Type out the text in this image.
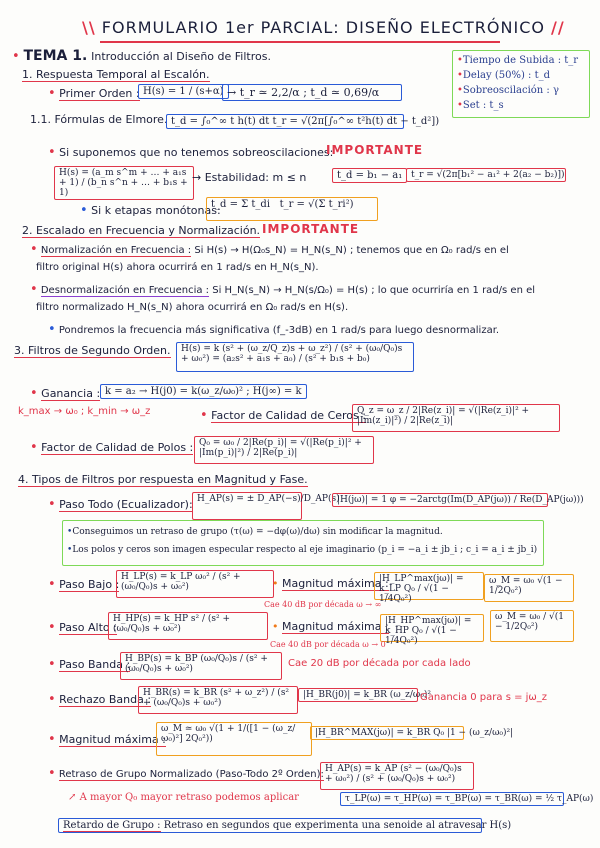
\\ FORMULARIO 1er PARCIAL: DISEÑO ELECTRÓNICO //
•Tiempo de Subida : t_r
•Delay (50%) : t_d
•Sobreoscilación : γ
•Set : t_s
• TEMA 1. Introducción al Diseño de Filtros.
1. Respuesta Temporal al Escalón.
• Primer Orden : H(s) = 1 / (s+α) → t_r ≃ 2,2/α ; t_d ≃ 0,69/α
1.1. Fórmulas de Elmore. t_d = ∫₀^∞ t h(t) dt t_r = √(2π[∫₀^∞ t²h(t) dt − t_d²])
• Si suponemos que no tenemos sobreoscilaciones:
IMPORTANTE
H(s) = (a_m s^m + … + a₁s + 1) / (b_n s^n + … + b₁s + 1)
→ Estabilidad: m ≤ n	t_d = b₁ − a₁ t_r = √(2π[b₁² − a₁² + 2(a₂ − b₂)])
• Si k etapas monótonas:
t_d = Σ t_di t_r = √(Σ t_ri²)
2. Escalado en Frecuencia y Normalización. IMPORTANTE
• Normalización en Frecuencia : Si H(s) → H(Ω₀s_N) = H_N(s_N) ; tenemos que en Ω₀ rad/s en el
filtro original H(s) ahora ocurrirá en 1 rad/s en H_N(s_N).
• Desnormalización en Frecuencia : Si H_N(s_N) → H_N(s/Ω₀) = H(s) ; lo que ocurriría en 1 rad/s en el
filtro normalizado H_N(s_N) ahora ocurrirá en Ω₀ rad/s en H(s).
• Pondremos la frecuencia más significativa (f_-3dB) en 1 rad/s para luego desnormalizar.
3. Filtros de Segundo Orden.	H(s) = k (s² + (ω_z/Q_z)s + ω_z²) / (s² + (ω₀/Q₀)s + ω₀²) = (a₂s² + a₁s + a₀) / (s² + b₁s + b₀)
• Ganancia : k = a₂ → H(j0) = k(ω_z/ω₀)² ; H(j∞) = k
k_max → ω₀ ; k_min → ω_z	• Factor de Calidad de Ceros :
Q_z = ω_z / 2|Re(z_i)| = √(|Re(z_i)|² + |Im(z_i)|²) / 2|Re(z_i)|
• Factor de Calidad de Polos : Q₀ = ω₀ / 2|Re(p_i)| = √(|Re(p_i)|² + |Im(p_i)|²) / 2|Re(p_i)|
4. Tipos de Filtros por respuesta en Magnitud y Fase.
• Paso Todo (Ecualizador): H_AP(s) = ± D_AP(−s)/D_AP(s)
|H(jω)| = 1 φ = −2arctg(Im(D_AP(jω)) / Re(D_AP(jω)))
•Conseguimos un retraso de grupo (τ(ω) = −dφ(ω)/dω) sin modificar la magnitud.
•Los polos y ceros son imagen especular respecto al eje imaginario (p_i = −a_i ± jb_i ; c_i = a_i ± jb_i)
• Paso Bajo :
H_LP(s) = k_LP ω₀² / (s² + (ω₀/Q₀)s + ω₀²)	• Magnitud máxima :
|H_LP^max(jω)| = k_LP Q₀ / √(1 − 1/4Q₀²)
ω_M = ω₀ √(1 − 1/2Q₀²)
Cae 40 dB por década ω → ∞
• Paso Alto :
H_HP(s) = k_HP s² / (s² + (ω₀/Q₀)s + ω₀²)	• Magnitud máxima :
|H_HP^max(jω)| = k_HP Q₀ / √(1 − 1/4Q₀²)
ω_M = ω₀ / √(1 − 1/2Q₀²)
Cae 40 dB por década ω → 0
• Paso Banda :
H_BP(s) = k_BP (ω₀/Q₀)s / (s² + (ω₀/Q₀)s + ω₀²)	Cae 20 dB por década por cada lado
• Rechazo Banda :
H_BR(s) = k_BR (s² + ω_z²) / (s² + (ω₀/Q₀)s + ω₀²)
|H_BR(j0)| = k_BR (ω_z/ω₀)²
Ganancia 0 para s = jω_z
• Magnitud máxima :
ω_M ≃ ω₀ √(1 + 1/([1 − (ω_z/ω₀)²] 2Q₀²))
|H_BR^MAX(jω)| = k_BR Q₀ |1 − (ω_z/ω₀)²|
• Retraso de Grupo Normalizado (Paso-Todo 2º Orden): H_AP(s) = k_AP (s² − (ω₀/Q₀)s + ω₀²) / (s² + (ω₀/Q₀)s + ω₀²)
↗ A mayor Q₀ mayor retraso podemos aplicar	τ_LP(ω) = τ_HP(ω) = τ_BP(ω) = τ_BR(ω) = ½ τ_AP(ω)
Retardo de Grupo : Retraso en segundos que experimenta una senoide al atravesar H(s)
